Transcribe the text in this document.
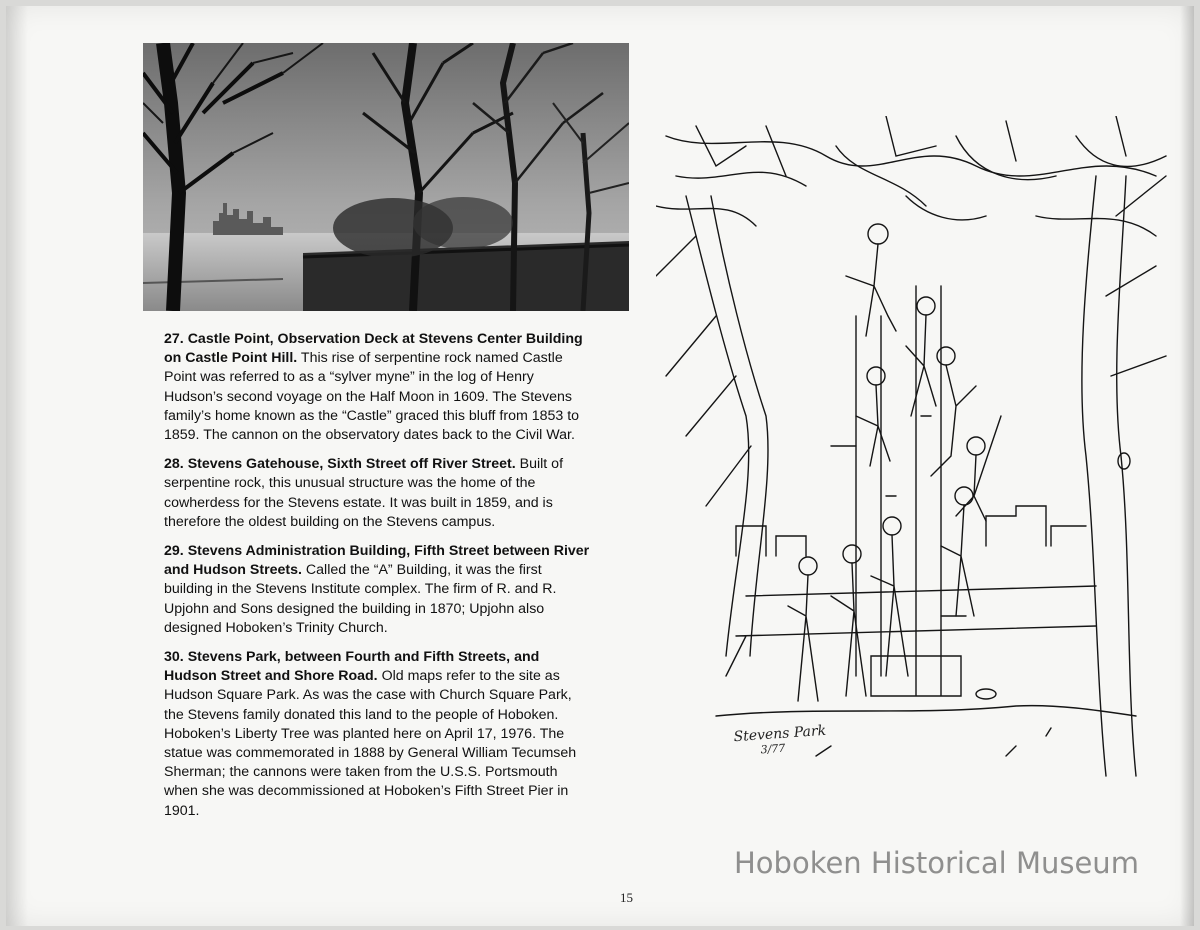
27. Castle Point, Observation Deck at Stevens Center Building on Castle Point Hill. This rise of serpentine rock named Castle Point was referred to as a “sylver myne” in the log of Henry Hudson’s second voyage on the Half Moon in 1609. The Stevens family’s home known as the “Castle” graced this bluff from 1853 to 1859. The cannon on the observatory dates back to the Civil War.

28. Stevens Gatehouse, Sixth Street off River Street. Built of serpentine rock, this unusual structure was the home of the cowherdess for the Stevens estate. It was built in 1859, and is therefore the oldest building on the Stevens campus.

29. Stevens Administration Building, Fifth Street between River and Hudson Streets. Called the “A” Building, it was the first building in the Stevens Institute complex. The firm of R. and R. Upjohn and Sons designed the building in 1870; Upjohn also designed Hoboken’s Trinity Church.

30. Stevens Park, between Fourth and Fifth Streets, and Hudson Street and Shore Road. Old maps refer to the site as Hudson Square Park. As was the case with Church Square Park, the Stevens family donated this land to the people of Hoboken. Hoboken’s Liberty Tree was planted here on April 17, 1976. The statue was commemorated in 1888 by General William Tecumseh Sherman; the cannons were taken from the U.S.S. Portsmouth when she was decommissioned at Hoboken’s Fifth Street Pier in 1901.

Stevens Park
3/77
15
Hoboken Historical Museum
